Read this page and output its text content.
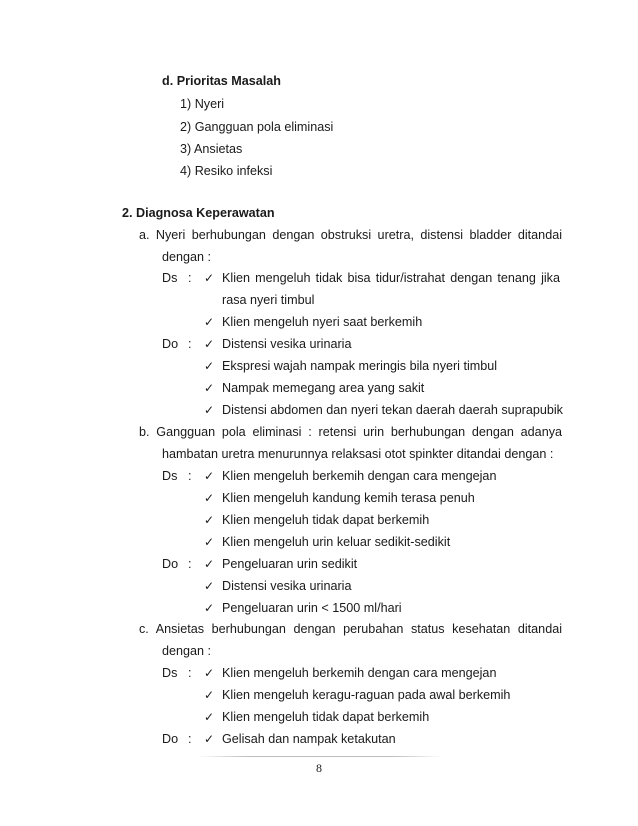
d. Prioritas Masalah
1) Nyeri
2) Gangguan pola eliminasi
3) Ansietas
4) Resiko infeksi
2. Diagnosa Keperawatan
a. Nyeri berhubungan dengan obstruksi uretra, distensi bladder ditandai
dengan :
Ds : ✓ Klien mengeluh tidak bisa tidur/istrahat dengan tenang jika
rasa nyeri timbul
✓ Klien mengeluh nyeri saat berkemih
Do : ✓ Distensi vesika urinaria
✓ Ekspresi wajah nampak meringis bila nyeri timbul
✓ Nampak memegang area yang sakit
✓ Distensi abdomen dan nyeri tekan daerah daerah suprapubik
b. Gangguan pola eliminasi : retensi urin berhubungan dengan adanya
hambatan uretra menurunnya relaksasi otot spinkter ditandai dengan :
Ds : ✓ Klien mengeluh berkemih dengan cara mengejan
✓ Klien mengeluh kandung kemih terasa penuh
✓ Klien mengeluh tidak dapat berkemih
✓ Klien mengeluh urin keluar sedikit-sedikit
Do : ✓ Pengeluaran urin sedikit
✓ Distensi vesika urinaria
✓ Pengeluaran urin < 1500 ml/hari
c. Ansietas berhubungan dengan perubahan status kesehatan ditandai
dengan :
Ds : ✓ Klien mengeluh berkemih dengan cara mengejan
✓ Klien mengeluh keragu-raguan pada awal berkemih
✓ Klien mengeluh tidak dapat berkemih
Do : ✓ Gelisah dan nampak ketakutan
8
